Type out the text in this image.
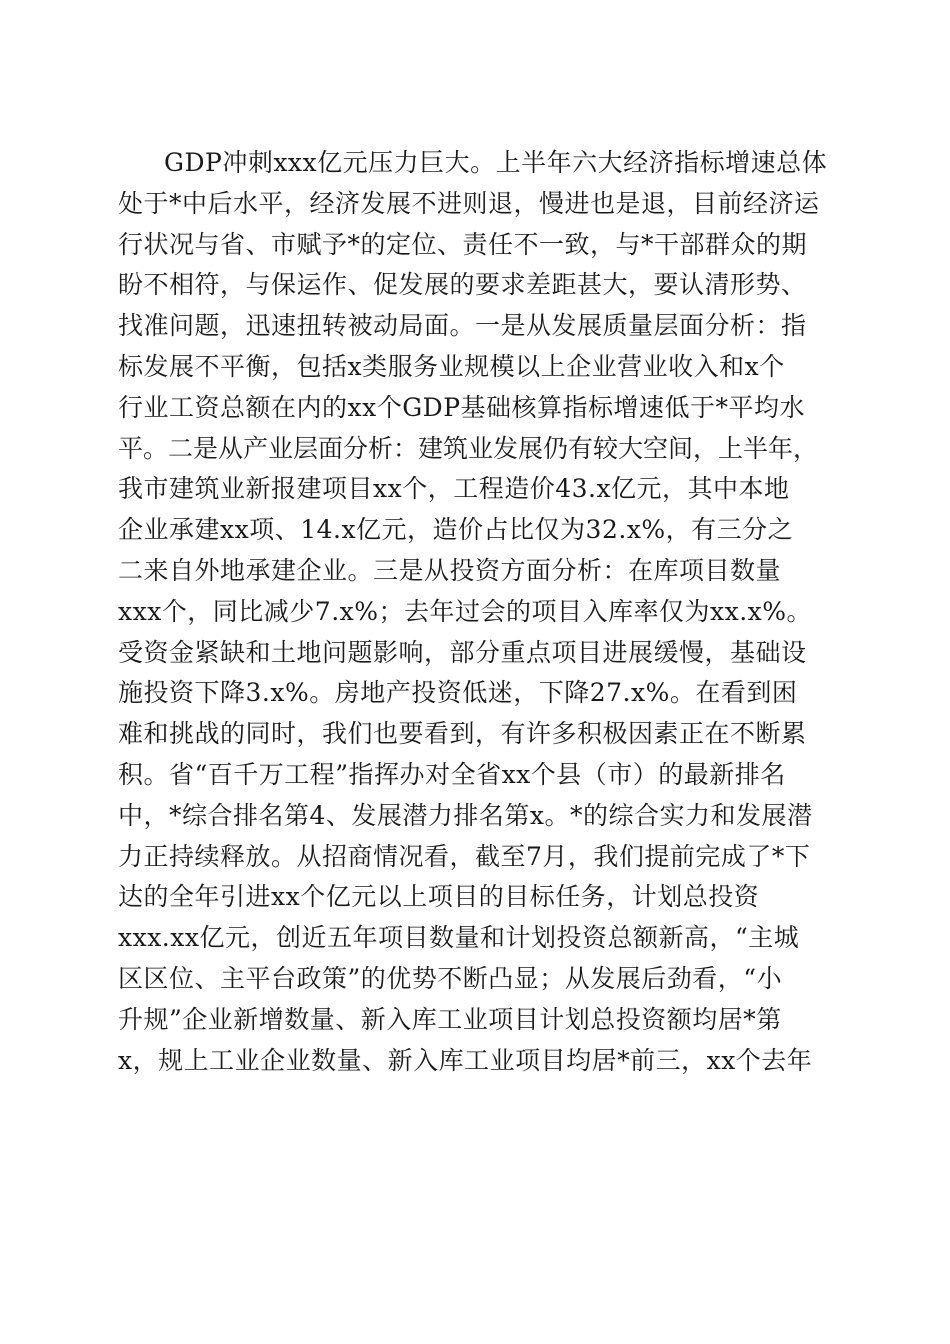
GDP冲刺xxx亿元压力巨大。上半年六大经济指标增速总体
处于*中后水平，经济发展不进则退，慢进也是退，目前经济运
行状况与省、市赋予*的定位、责任不一致，与*干部群众的期
盼不相符，与保运作、促发展的要求差距甚大，要认清形势、
找准问题，迅速扭转被动局面。一是从发展质量层面分析：指
标发展不平衡，包括x类服务业规模以上企业营业收入和x个
行业工资总额在内的xx个GDP基础核算指标增速低于*平均水
平。二是从产业层面分析：建筑业发展仍有较大空间，上半年，
我市建筑业新报建项目xx个，工程造价43.x亿元，其中本地
企业承建xx项、14.x亿元，造价占比仅为32.x%，有三分之
二来自外地承建企业。三是从投资方面分析：在库项目数量
xxx个，同比减少7.x%；去年过会的项目入库率仅为xx.x%。
受资金紧缺和土地问题影响，部分重点项目进展缓慢，基础设
施投资下降3.x%。房地产投资低迷，下降27.x%。在看到困
难和挑战的同时，我们也要看到，有许多积极因素正在不断累
积。省“百千万工程”指挥办对全省xx个县（市）的最新排名
中，*综合排名第4、发展潜力排名第x。*的综合实力和发展潜
力正持续释放。从招商情况看，截至7月，我们提前完成了*下
达的全年引进xx个亿元以上项目的目标任务，计划总投资
xxx.xx亿元，创近五年项目数量和计划投资总额新高，“主城
区区位、主平台政策”的优势不断凸显；从发展后劲看，“小
升规”企业新增数量、新入库工业项目计划总投资额均居*第
x，规上工业企业数量、新入库工业项目均居*前三，xx个去年
